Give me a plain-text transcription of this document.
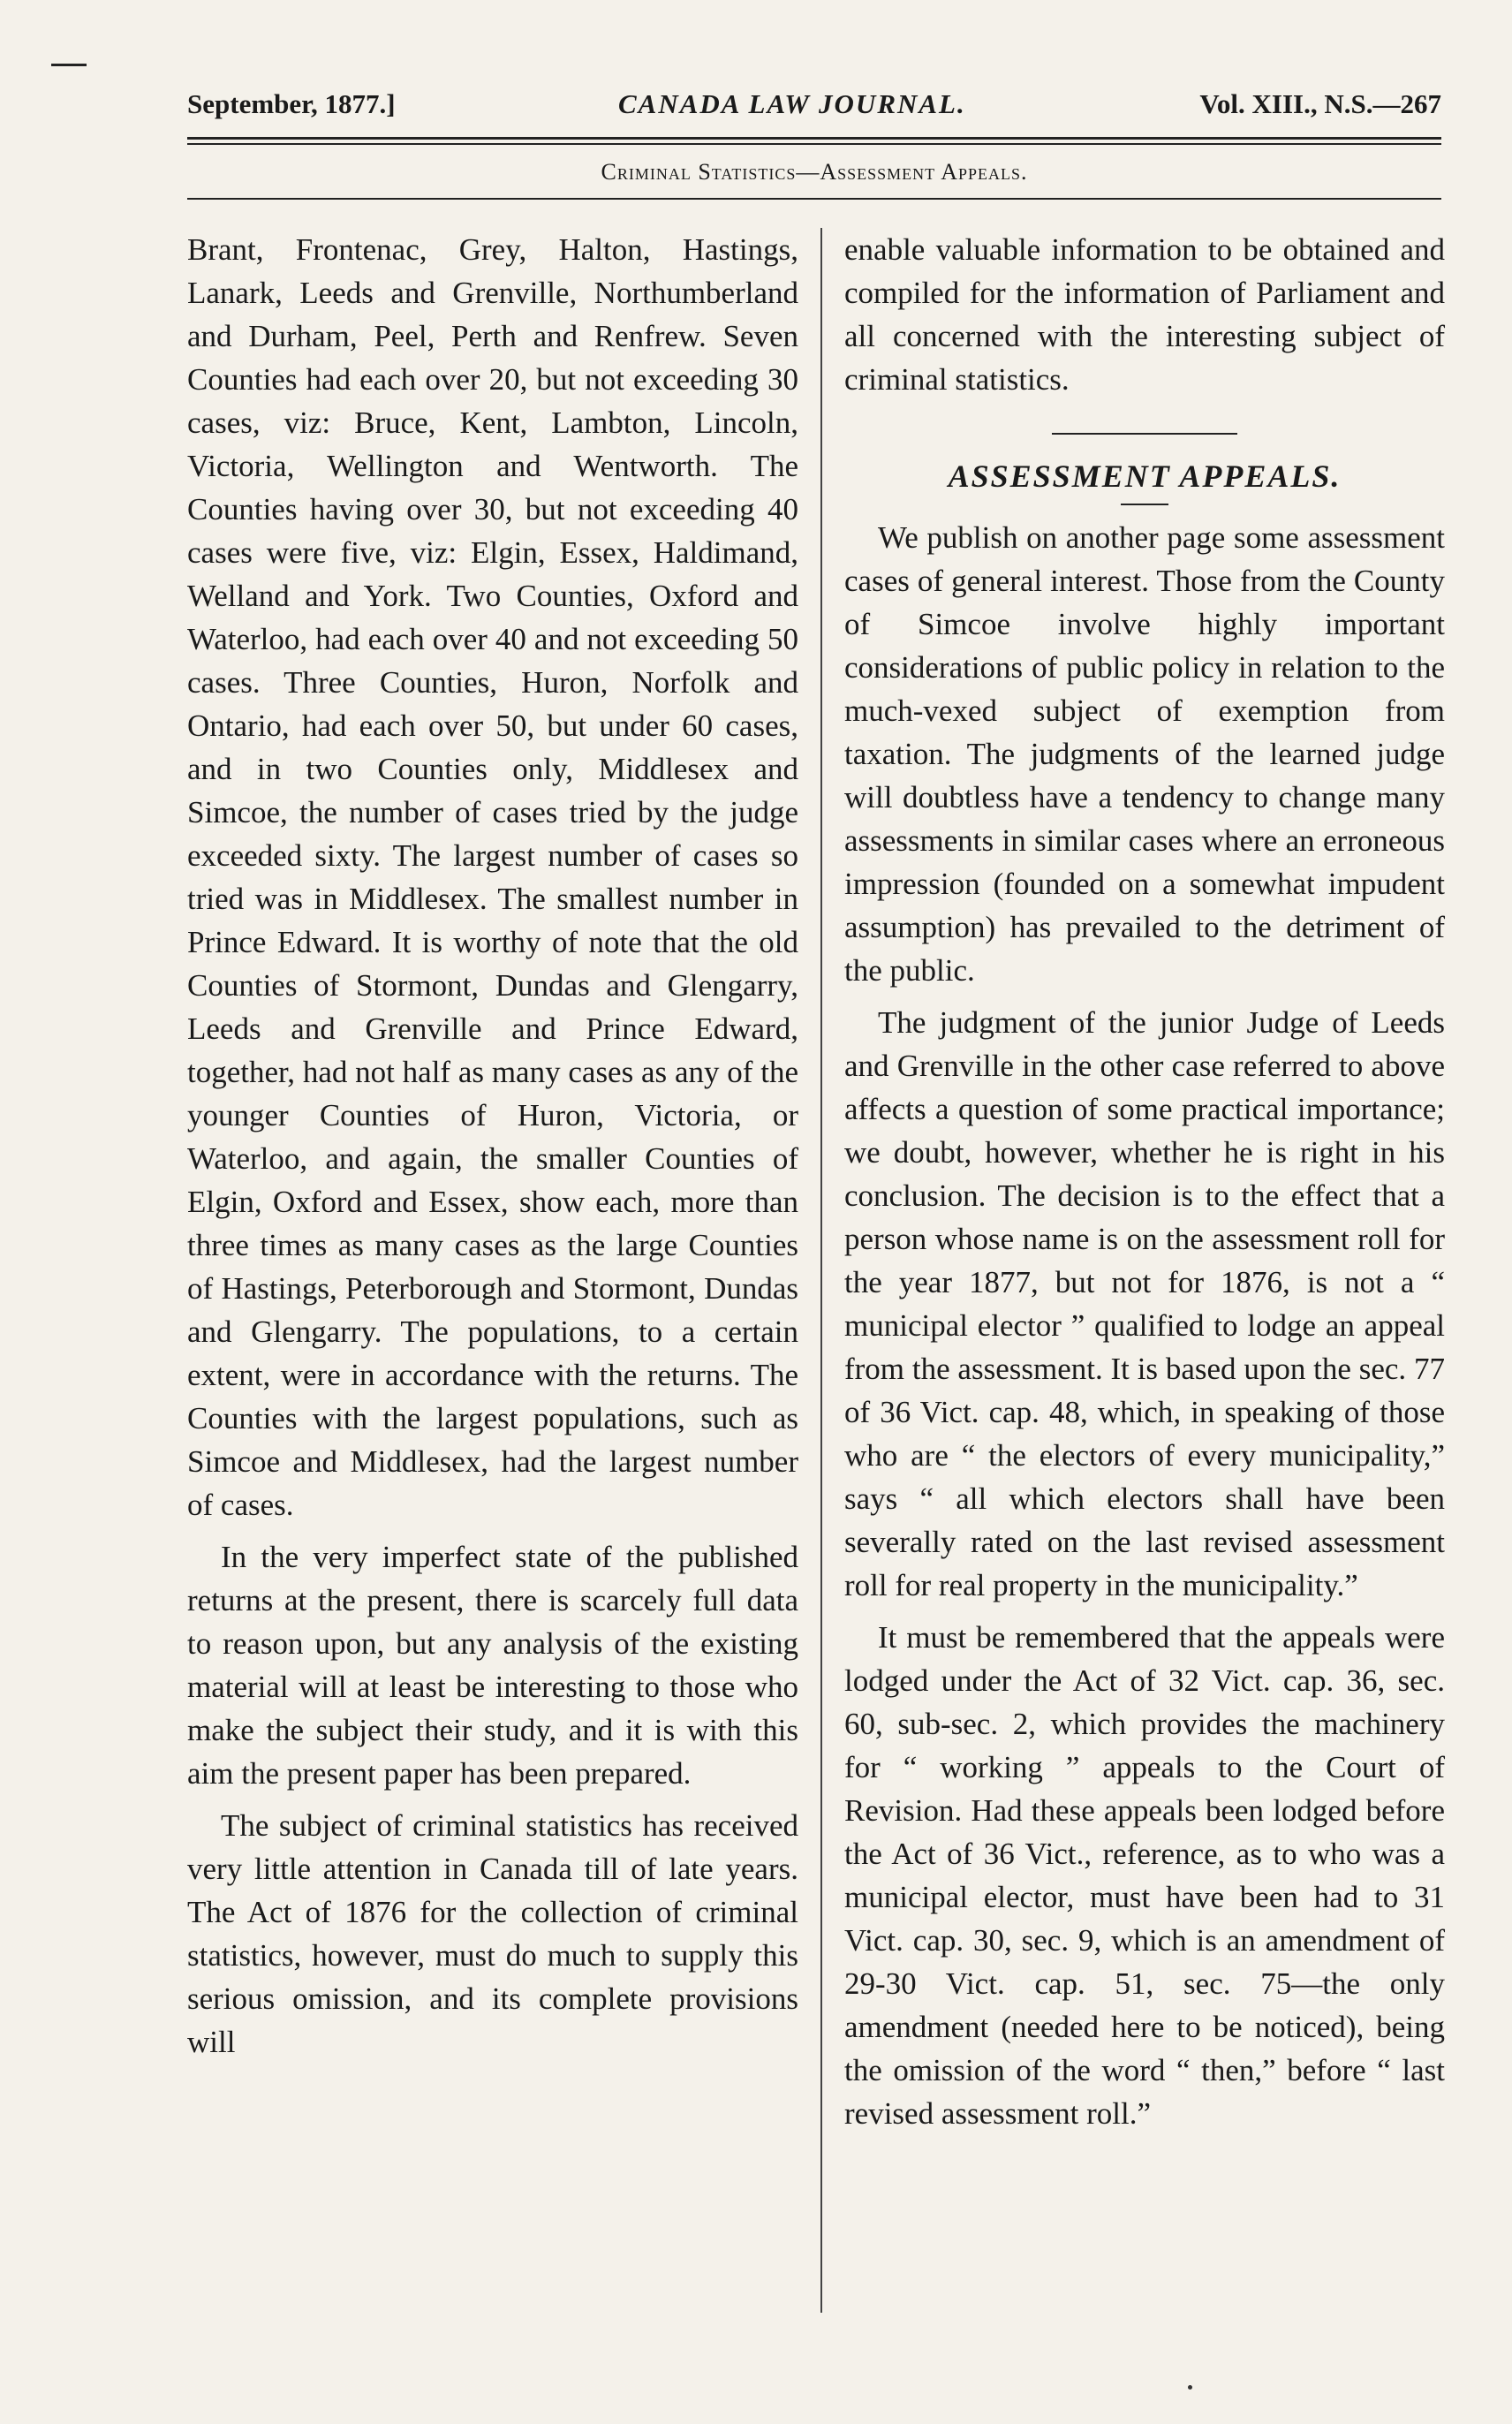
September, 1877.]	CANADA LAW JOURNAL.	Vol. XIII., N.S.—267
Criminal Statistics—Assessment Appeals.

Brant, Frontenac, Grey, Halton, Hastings, Lanark, Leeds and Grenville, Northumberland and Durham, Peel, Perth and Renfrew. Seven Counties had each over 20, but not exceeding 30 cases, viz: Bruce, Kent, Lambton, Lincoln, Victoria, Wellington and Wentworth. The Counties having over 30, but not exceeding 40 cases were five, viz: Elgin, Essex, Haldimand, Welland and York. Two Counties, Oxford and Waterloo, had each over 40 and not exceeding 50 cases. Three Counties, Huron, Norfolk and Ontario, had each over 50, but under 60 cases, and in two Counties only, Middlesex and Simcoe, the number of cases tried by the judge exceeded sixty. The largest number of cases so tried was in Middlesex. The smallest number in Prince Edward. It is worthy of note that the old Counties of Stormont, Dundas and Glengarry, Leeds and Grenville and Prince Edward, together, had not half as many cases as any of the younger Counties of Huron, Victoria, or Waterloo, and again, the smaller Counties of Elgin, Oxford and Essex, show each, more than three times as many cases as the large Counties of Hastings, Peterborough and Stormont, Dundas and Glengarry. The populations, to a certain extent, were in accordance with the returns. The Counties with the largest populations, such as Simcoe and Middlesex, had the largest number of cases.

In the very imperfect state of the published returns at the present, there is scarcely full data to reason upon, but any analysis of the existing material will at least be interesting to those who make the subject their study, and it is with this aim the present paper has been prepared.

The subject of criminal statistics has received very little attention in Canada till of late years. The Act of 1876 for the collection of criminal statistics, however, must do much to supply this serious omission, and its complete provisions will

enable valuable information to be obtained and compiled for the information of Parliament and all concerned with the interesting subject of criminal statistics.

ASSESSMENT APPEALS.

We publish on another page some assessment cases of general interest. Those from the County of Simcoe involve highly important considerations of public policy in relation to the much-vexed subject of exemption from taxation. The judgments of the learned judge will doubtless have a tendency to change many assessments in similar cases where an erroneous impression (founded on a somewhat impudent assumption) has prevailed to the detriment of the public.

The judgment of the junior Judge of Leeds and Grenville in the other case referred to above affects a question of some practical importance; we doubt, however, whether he is right in his conclusion. The decision is to the effect that a person whose name is on the assessment roll for the year 1877, but not for 1876, is not a “ municipal elector ” qualified to lodge an appeal from the assessment. It is based upon the sec. 77 of 36 Vict. cap. 48, which, in speaking of those who are “ the electors of every municipality,” says “ all which electors shall have been severally rated on the last revised assessment roll for real property in the municipality.”

It must be remembered that the appeals were lodged under the Act of 32 Vict. cap. 36, sec. 60, sub-sec. 2, which provides the machinery for “ working ” appeals to the Court of Revision. Had these appeals been lodged before the Act of 36 Vict., reference, as to who was a municipal elector, must have been had to 31 Vict. cap. 30, sec. 9, which is an amendment of 29-30 Vict. cap. 51, sec. 75—the only amendment (needed here to be noticed), being the omission of the word “ then,” before “ last revised assessment roll.”
